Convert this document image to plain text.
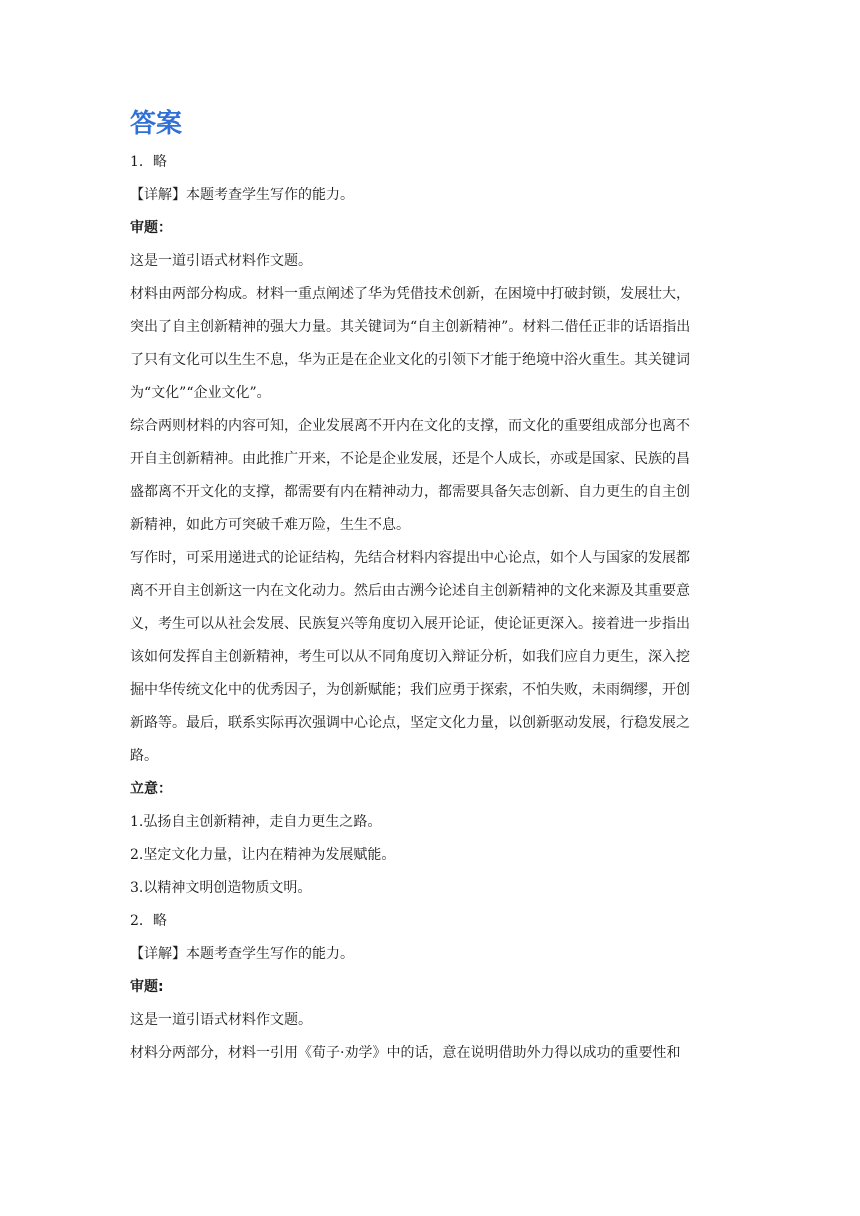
答案

1．略

【详解】本题考查学生写作的能力。

审题：

这是一道引语式材料作文题。

材料由两部分构成。材料一重点阐述了华为凭借技术创新，在困境中打破封锁，发展壮大，

突出了自主创新精神的强大力量。其关键词为“自主创新精神”。材料二借任正非的话语指出

了只有文化可以生生不息，华为正是在企业文化的引领下才能于绝境中浴火重生。其关键词

为“文化”“企业文化”。

综合两则材料的内容可知，企业发展离不开内在文化的支撑，而文化的重要组成部分也离不

开自主创新精神。由此推广开来，不论是企业发展，还是个人成长，亦或是国家、民族的昌

盛都离不开文化的支撑，都需要有内在精神动力，都需要具备矢志创新、自力更生的自主创

新精神，如此方可突破千难万险，生生不息。

写作时，可采用递进式的论证结构，先结合材料内容提出中心论点，如个人与国家的发展都

离不开自主创新这一内在文化动力。然后由古溯今论述自主创新精神的文化来源及其重要意

义，考生可以从社会发展、民族复兴等角度切入展开论证，使论证更深入。接着进一步指出

该如何发挥自主创新精神，考生可以从不同角度切入辩证分析，如我们应自力更生，深入挖

掘中华传统文化中的优秀因子，为创新赋能；我们应勇于探索，不怕失败，未雨绸缪，开创

新路等。最后，联系实际再次强调中心论点，坚定文化力量，以创新驱动发展，行稳发展之

路。

立意：

1.弘扬自主创新精神，走自力更生之路。

2.坚定文化力量，让内在精神为发展赋能。

3.以精神文明创造物质文明。

2．略

【详解】本题考查学生写作的能力。

审题:

这是一道引语式材料作文题。

材料分两部分，材料一引用《荀子·劝学》中的话，意在说明借助外力得以成功的重要性和
